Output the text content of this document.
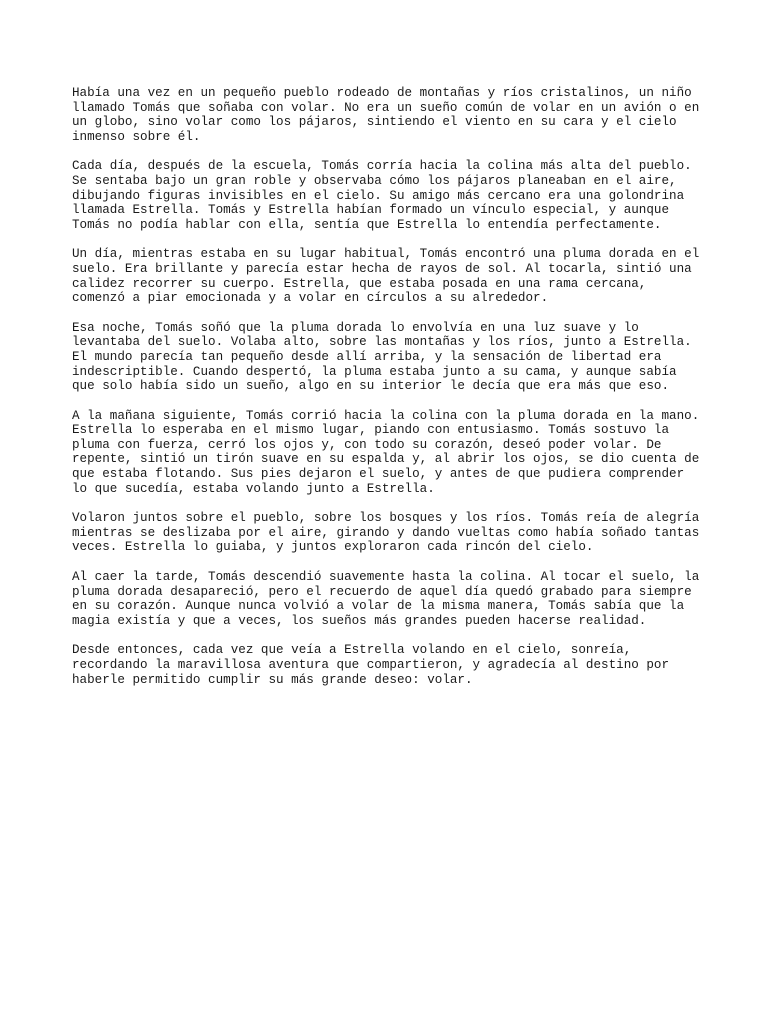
Había una vez en un pequeño pueblo rodeado de montañas y ríos cristalinos, un niño
llamado Tomás que soñaba con volar. No era un sueño común de volar en un avión o en
un globo, sino volar como los pájaros, sintiendo el viento en su cara y el cielo
inmenso sobre él.

Cada día, después de la escuela, Tomás corría hacia la colina más alta del pueblo.
Se sentaba bajo un gran roble y observaba cómo los pájaros planeaban en el aire,
dibujando figuras invisibles en el cielo. Su amigo más cercano era una golondrina
llamada Estrella. Tomás y Estrella habían formado un vínculo especial, y aunque
Tomás no podía hablar con ella, sentía que Estrella lo entendía perfectamente.

Un día, mientras estaba en su lugar habitual, Tomás encontró una pluma dorada en el
suelo. Era brillante y parecía estar hecha de rayos de sol. Al tocarla, sintió una
calidez recorrer su cuerpo. Estrella, que estaba posada en una rama cercana,
comenzó a piar emocionada y a volar en círculos a su alrededor.

Esa noche, Tomás soñó que la pluma dorada lo envolvía en una luz suave y lo
levantaba del suelo. Volaba alto, sobre las montañas y los ríos, junto a Estrella.
El mundo parecía tan pequeño desde allí arriba, y la sensación de libertad era
indescriptible. Cuando despertó, la pluma estaba junto a su cama, y aunque sabía
que solo había sido un sueño, algo en su interior le decía que era más que eso.

A la mañana siguiente, Tomás corrió hacia la colina con la pluma dorada en la mano.
Estrella lo esperaba en el mismo lugar, piando con entusiasmo. Tomás sostuvo la
pluma con fuerza, cerró los ojos y, con todo su corazón, deseó poder volar. De
repente, sintió un tirón suave en su espalda y, al abrir los ojos, se dio cuenta de
que estaba flotando. Sus pies dejaron el suelo, y antes de que pudiera comprender
lo que sucedía, estaba volando junto a Estrella.

Volaron juntos sobre el pueblo, sobre los bosques y los ríos. Tomás reía de alegría
mientras se deslizaba por el aire, girando y dando vueltas como había soñado tantas
veces. Estrella lo guiaba, y juntos exploraron cada rincón del cielo.

Al caer la tarde, Tomás descendió suavemente hasta la colina. Al tocar el suelo, la
pluma dorada desapareció, pero el recuerdo de aquel día quedó grabado para siempre
en su corazón. Aunque nunca volvió a volar de la misma manera, Tomás sabía que la
magia existía y que a veces, los sueños más grandes pueden hacerse realidad.

Desde entonces, cada vez que veía a Estrella volando en el cielo, sonreía,
recordando la maravillosa aventura que compartieron, y agradecía al destino por
haberle permitido cumplir su más grande deseo: volar.
